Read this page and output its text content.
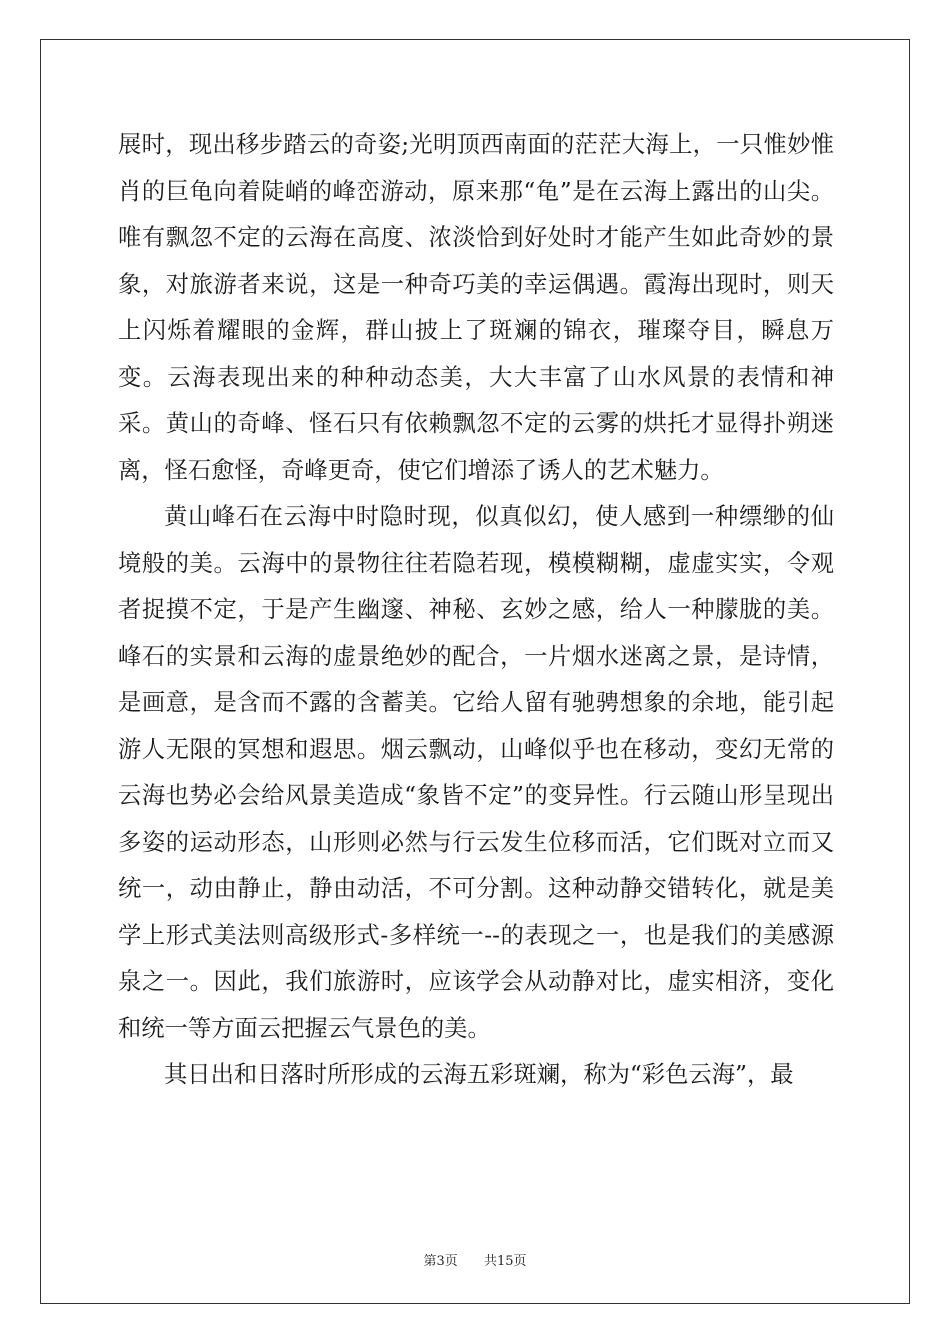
展时，现出移步踏云的奇姿;光明顶西南面的茫茫大海上，一只惟妙惟肖的巨龟向着陡峭的峰峦游动，原来那“龟”是在云海上露出的山尖。唯有飘忽不定的云海在高度、浓淡恰到好处时才能产生如此奇妙的景象，对旅游者来说，这是一种奇巧美的幸运偶遇。霞海出现时，则天上闪烁着耀眼的金辉，群山披上了斑斓的锦衣，璀璨夺目，瞬息万变。云海表现出来的种种动态美，大大丰富了山水风景的表情和神采。黄山的奇峰、怪石只有依赖飘忽不定的云雾的烘托才显得扑朔迷离，怪石愈怪，奇峰更奇，使它们增添了诱人的艺术魅力。

黄山峰石在云海中时隐时现，似真似幻，使人感到一种缥缈的仙境般的美。云海中的景物往往若隐若现，模模糊糊，虚虚实实，令观者捉摸不定，于是产生幽邃、神秘、玄妙之感，给人一种朦胧的美。峰石的实景和云海的虚景绝妙的配合，一片烟水迷离之景，是诗情，是画意，是含而不露的含蓄美。它给人留有驰骋想象的余地，能引起游人无限的冥想和遐思。烟云飘动，山峰似乎也在移动，变幻无常的云海也势必会给风景美造成“象皆不定”的变异性。行云随山形呈现出多姿的运动形态，山形则必然与行云发生位移而活，它们既对立而又统一，动由静止，静由动活，不可分割。这种动静交错转化，就是美学上形式美法则高级形式-多样统一--的表现之一，也是我们的美感源泉之一。因此，我们旅游时，应该学会从动静对比，虚实相济，变化和统一等方面云把握云气景色的美。

其日出和日落时所形成的云海五彩斑斓，称为“彩色云海”，最

第3页 共15页
